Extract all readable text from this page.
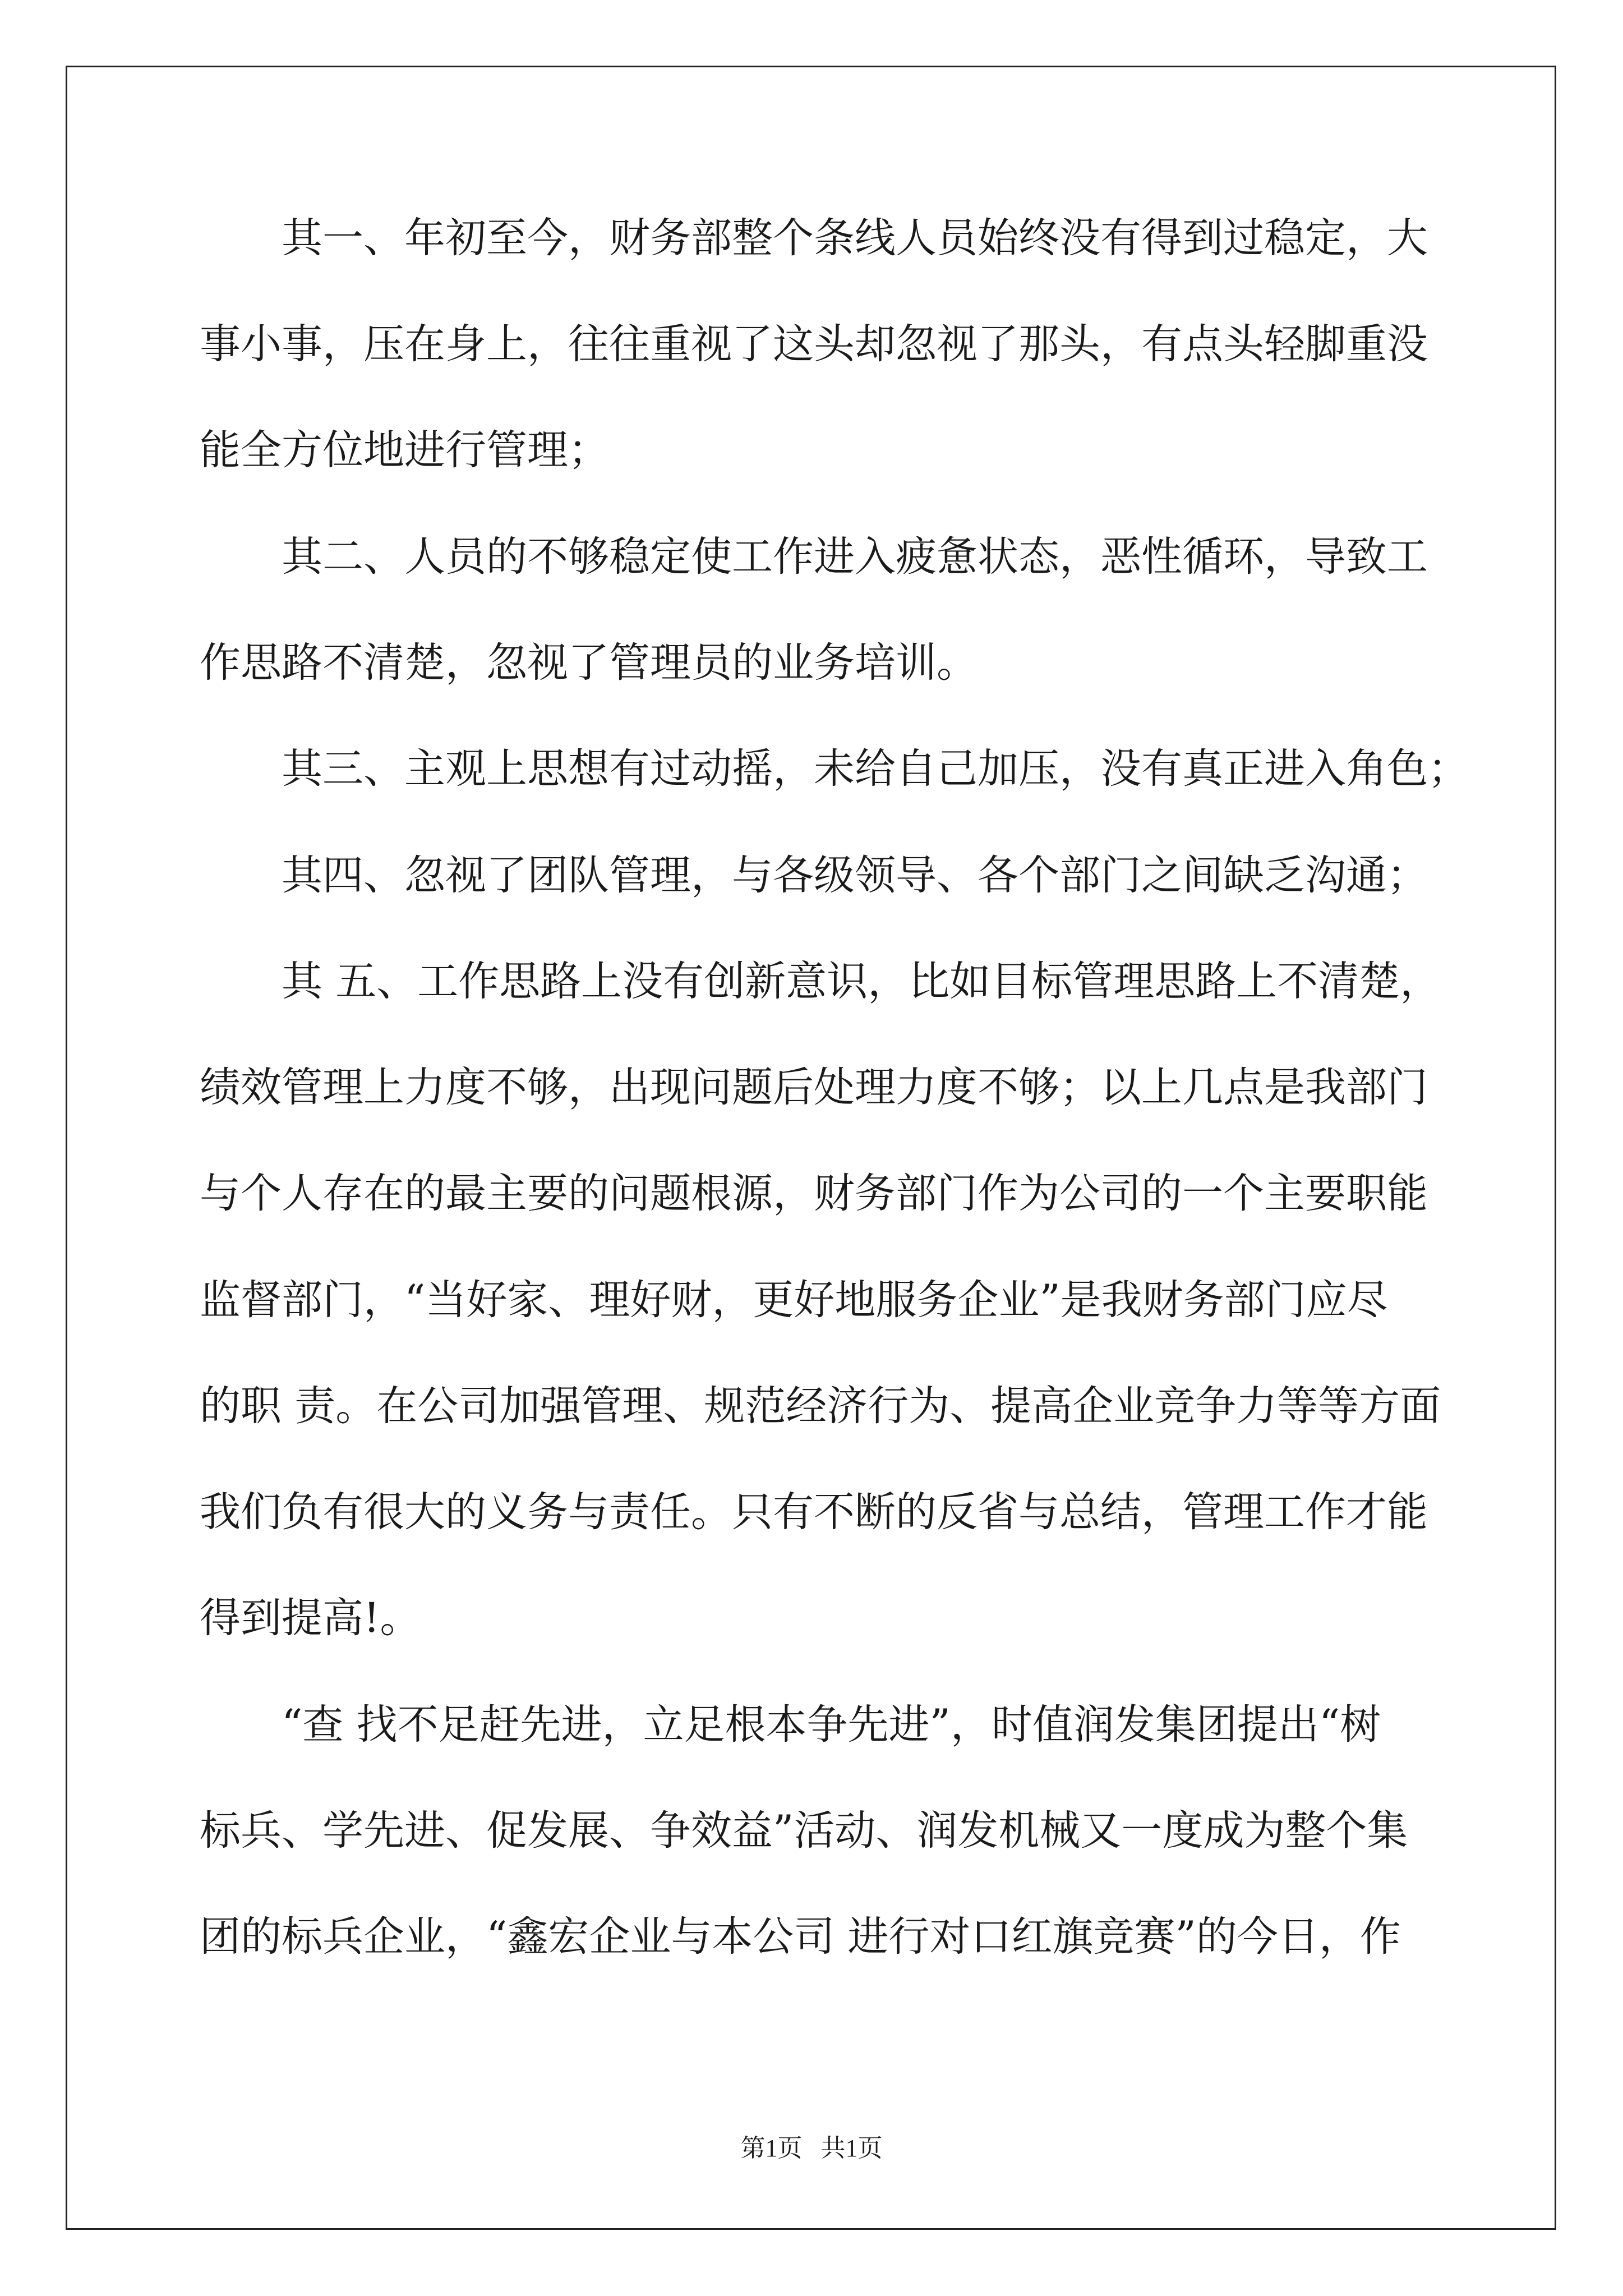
其一、年初至今，财务部整个条线人员始终没有得到过稳定，大
事小事，压在身上，往往重视了这头却忽视了那头，有点头轻脚重没
能全方位地进行管理；
其二、人员的不够稳定使工作进入疲惫状态，恶性循环，导致工
作思路不清楚，忽视了管理员的业务培训。
其三、主观上思想有过动摇，未给自己加压，没有真正进入角色；
其四、忽视了团队管理，与各级领导、各个部门之间缺乏沟通；
其 五、工作思路上没有创新意识，比如目标管理思路上不清楚，
绩效管理上力度不够，出现问题后处理力度不够；以上几点是我部门
与个人存在的最主要的问题根源，财务部门作为公司的一个主要职能
监督部门，“当好家、理好财，更好地服务企业”是我财务部门应尽
的职 责。在公司加强管理、规范经济行为、提高企业竞争力等等方面
我们负有很大的义务与责任。只有不断的反省与总结，管理工作才能
得到提高!。
“查 找不足赶先进，立足根本争先进”，时值润发集团提出“树
标兵、学先进、促发展、争效益”活动、润发机械又一度成为整个集
团的标兵企业，“鑫宏企业与本公司 进行对口红旗竞赛”的今日，作
第1页   共1页
